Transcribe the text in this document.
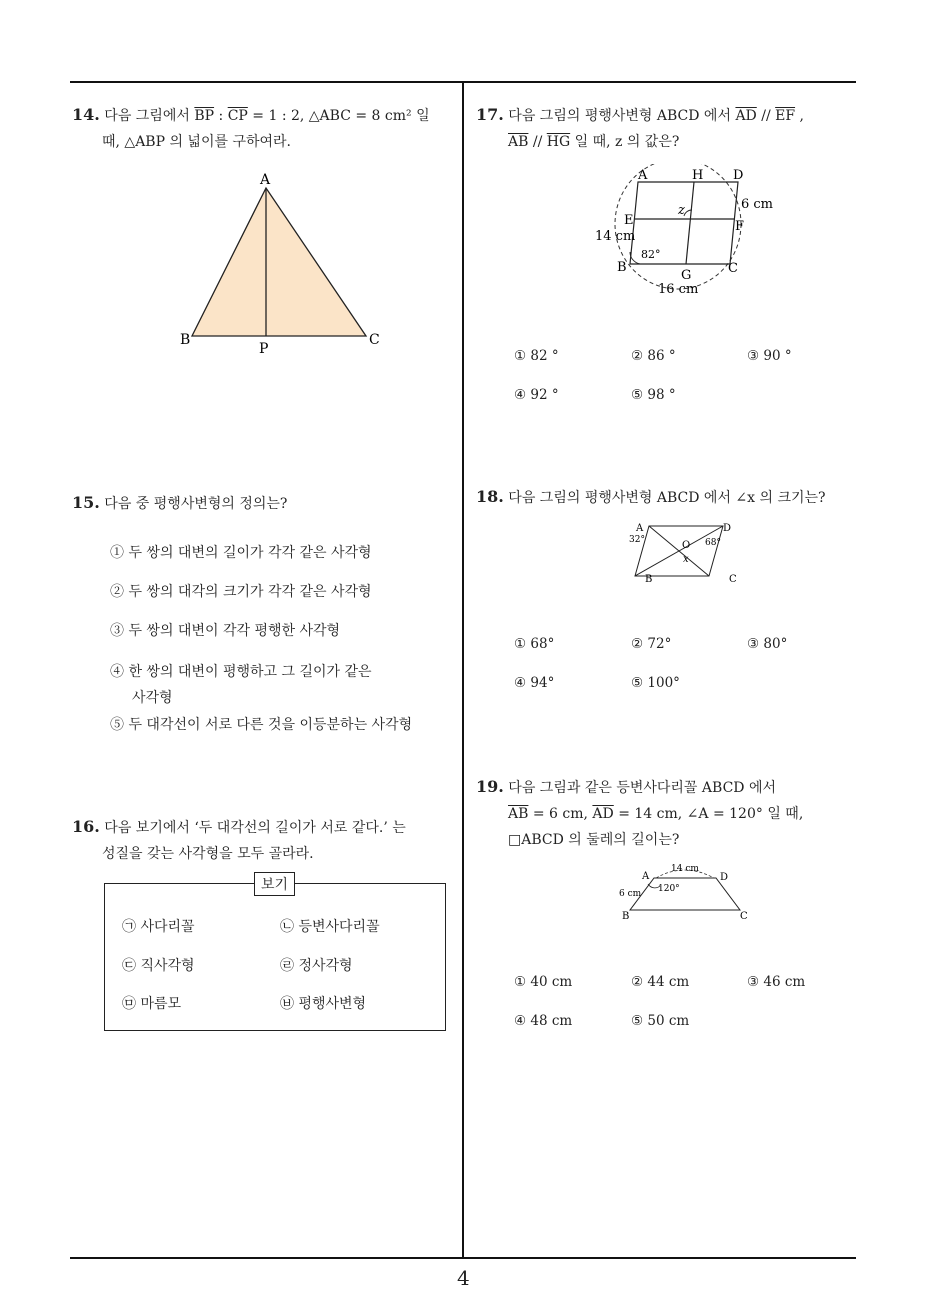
4
14. 다음 그림에서 $\overline{BP}$ : $\overline{CP} = 1$ : 2, △ABC = 8 cm² 일
때, △ABP 의 넓이를 구하여라.
A
B	C
P
15. 다음 중 평행사변형의 정의는?
① 두 쌍의 대변의 길이가 각각 같은 사각형
② 두 쌍의 대각의 크기가 각각 같은 사각형
③ 두 쌍의 대변이 각각 평행한 사각형
④ 한 쌍의 대변이 평행하고 그 길이가 같은
사각형
⑤ 두 대각선이 서로 다른 것을 이등분하는 사각형
16. 다음 보기에서 ‘두 대각선의 길이가 서로 같다.’ 는
성질을 갖는 사각형을 모두 골라라.
보기
㉠ 사다리꼴	㉡ 등변사다리꼴
㉢ 직사각형	㉣ 정사각형
㉤ 마름모	㉥ 평행사변형
17. 다음 그림의 평행사변형 ABCD 에서 $\overline{AD} // \overline{EF}$ ,
$\overline{AB} // \overline{HG}$ 일 때, z 의 값은?
A	H D
E	F
B
G	C
z	6 cm
14 cm
16 cm
82°
① 82 °	② 86 °	③ 90 °
④ 92 °	⑤ 98 °
18. 다음 그림의 평행사변형 ABCD 에서 ∠x 의 크기는?
A	D
B	C
O
x
32°	68°
① 68°	② 72°	③ 80°
④ 94°	⑤ 100°
19. 다음 그림과 같은 등변사다리꼴 ABCD 에서
$\overline{AB} = 6$ cm, $\overline{AD} = 14$ cm, ∠A = 120° 일 때,
□ABCD 의 둘레의 길이는?
A	D
B	C
14 cm
6 cm 120°
① 40 cm	② 44 cm	③ 46 cm
④ 48 cm	⑤ 50 cm
